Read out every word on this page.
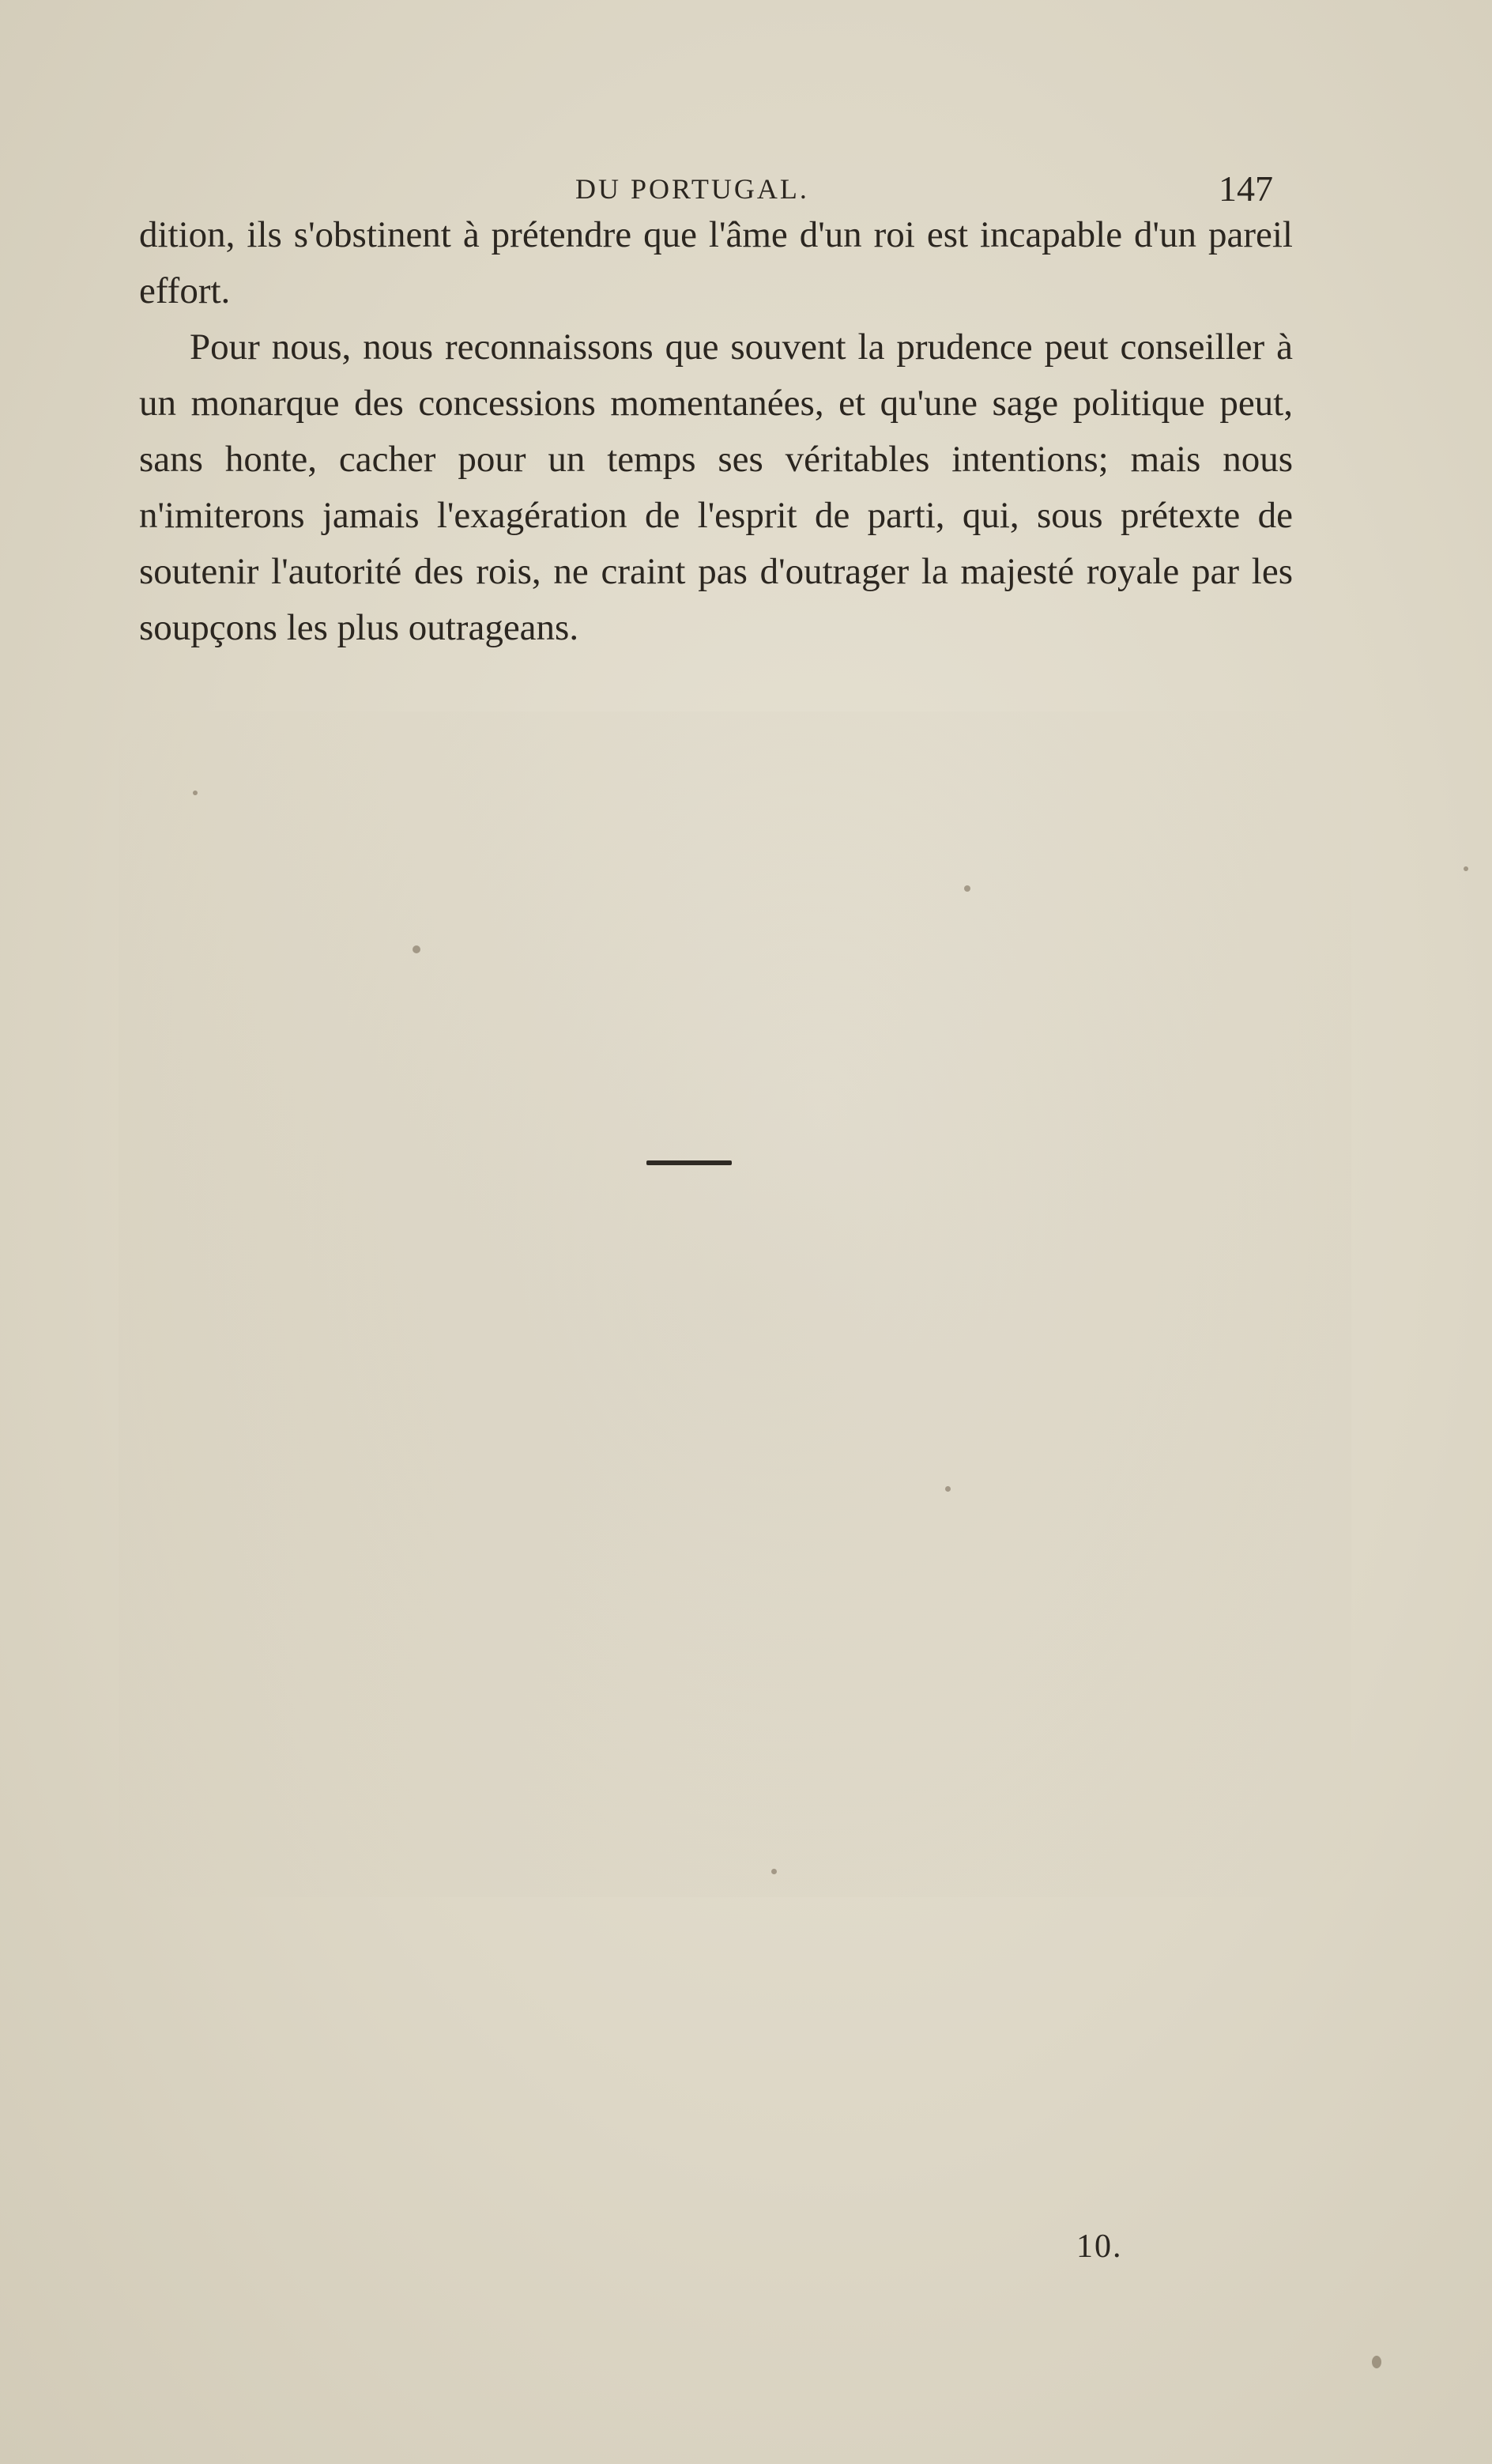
DU PORTUGAL.	147

dition, ils s'obstinent à prétendre que l'âme d'un roi est incapable d'un pareil effort.

Pour nous, nous reconnaissons que souvent la prudence peut conseiller à un monarque des concessions momentanées, et qu'une sage politique peut, sans honte, cacher pour un temps ses véritables intentions; mais nous n'imiterons jamais l'exagération de l'esprit de parti, qui, sous prétexte de soutenir l'autorité des rois, ne craint pas d'outrager la majesté royale par les soupçons les plus outrageans.

10.
